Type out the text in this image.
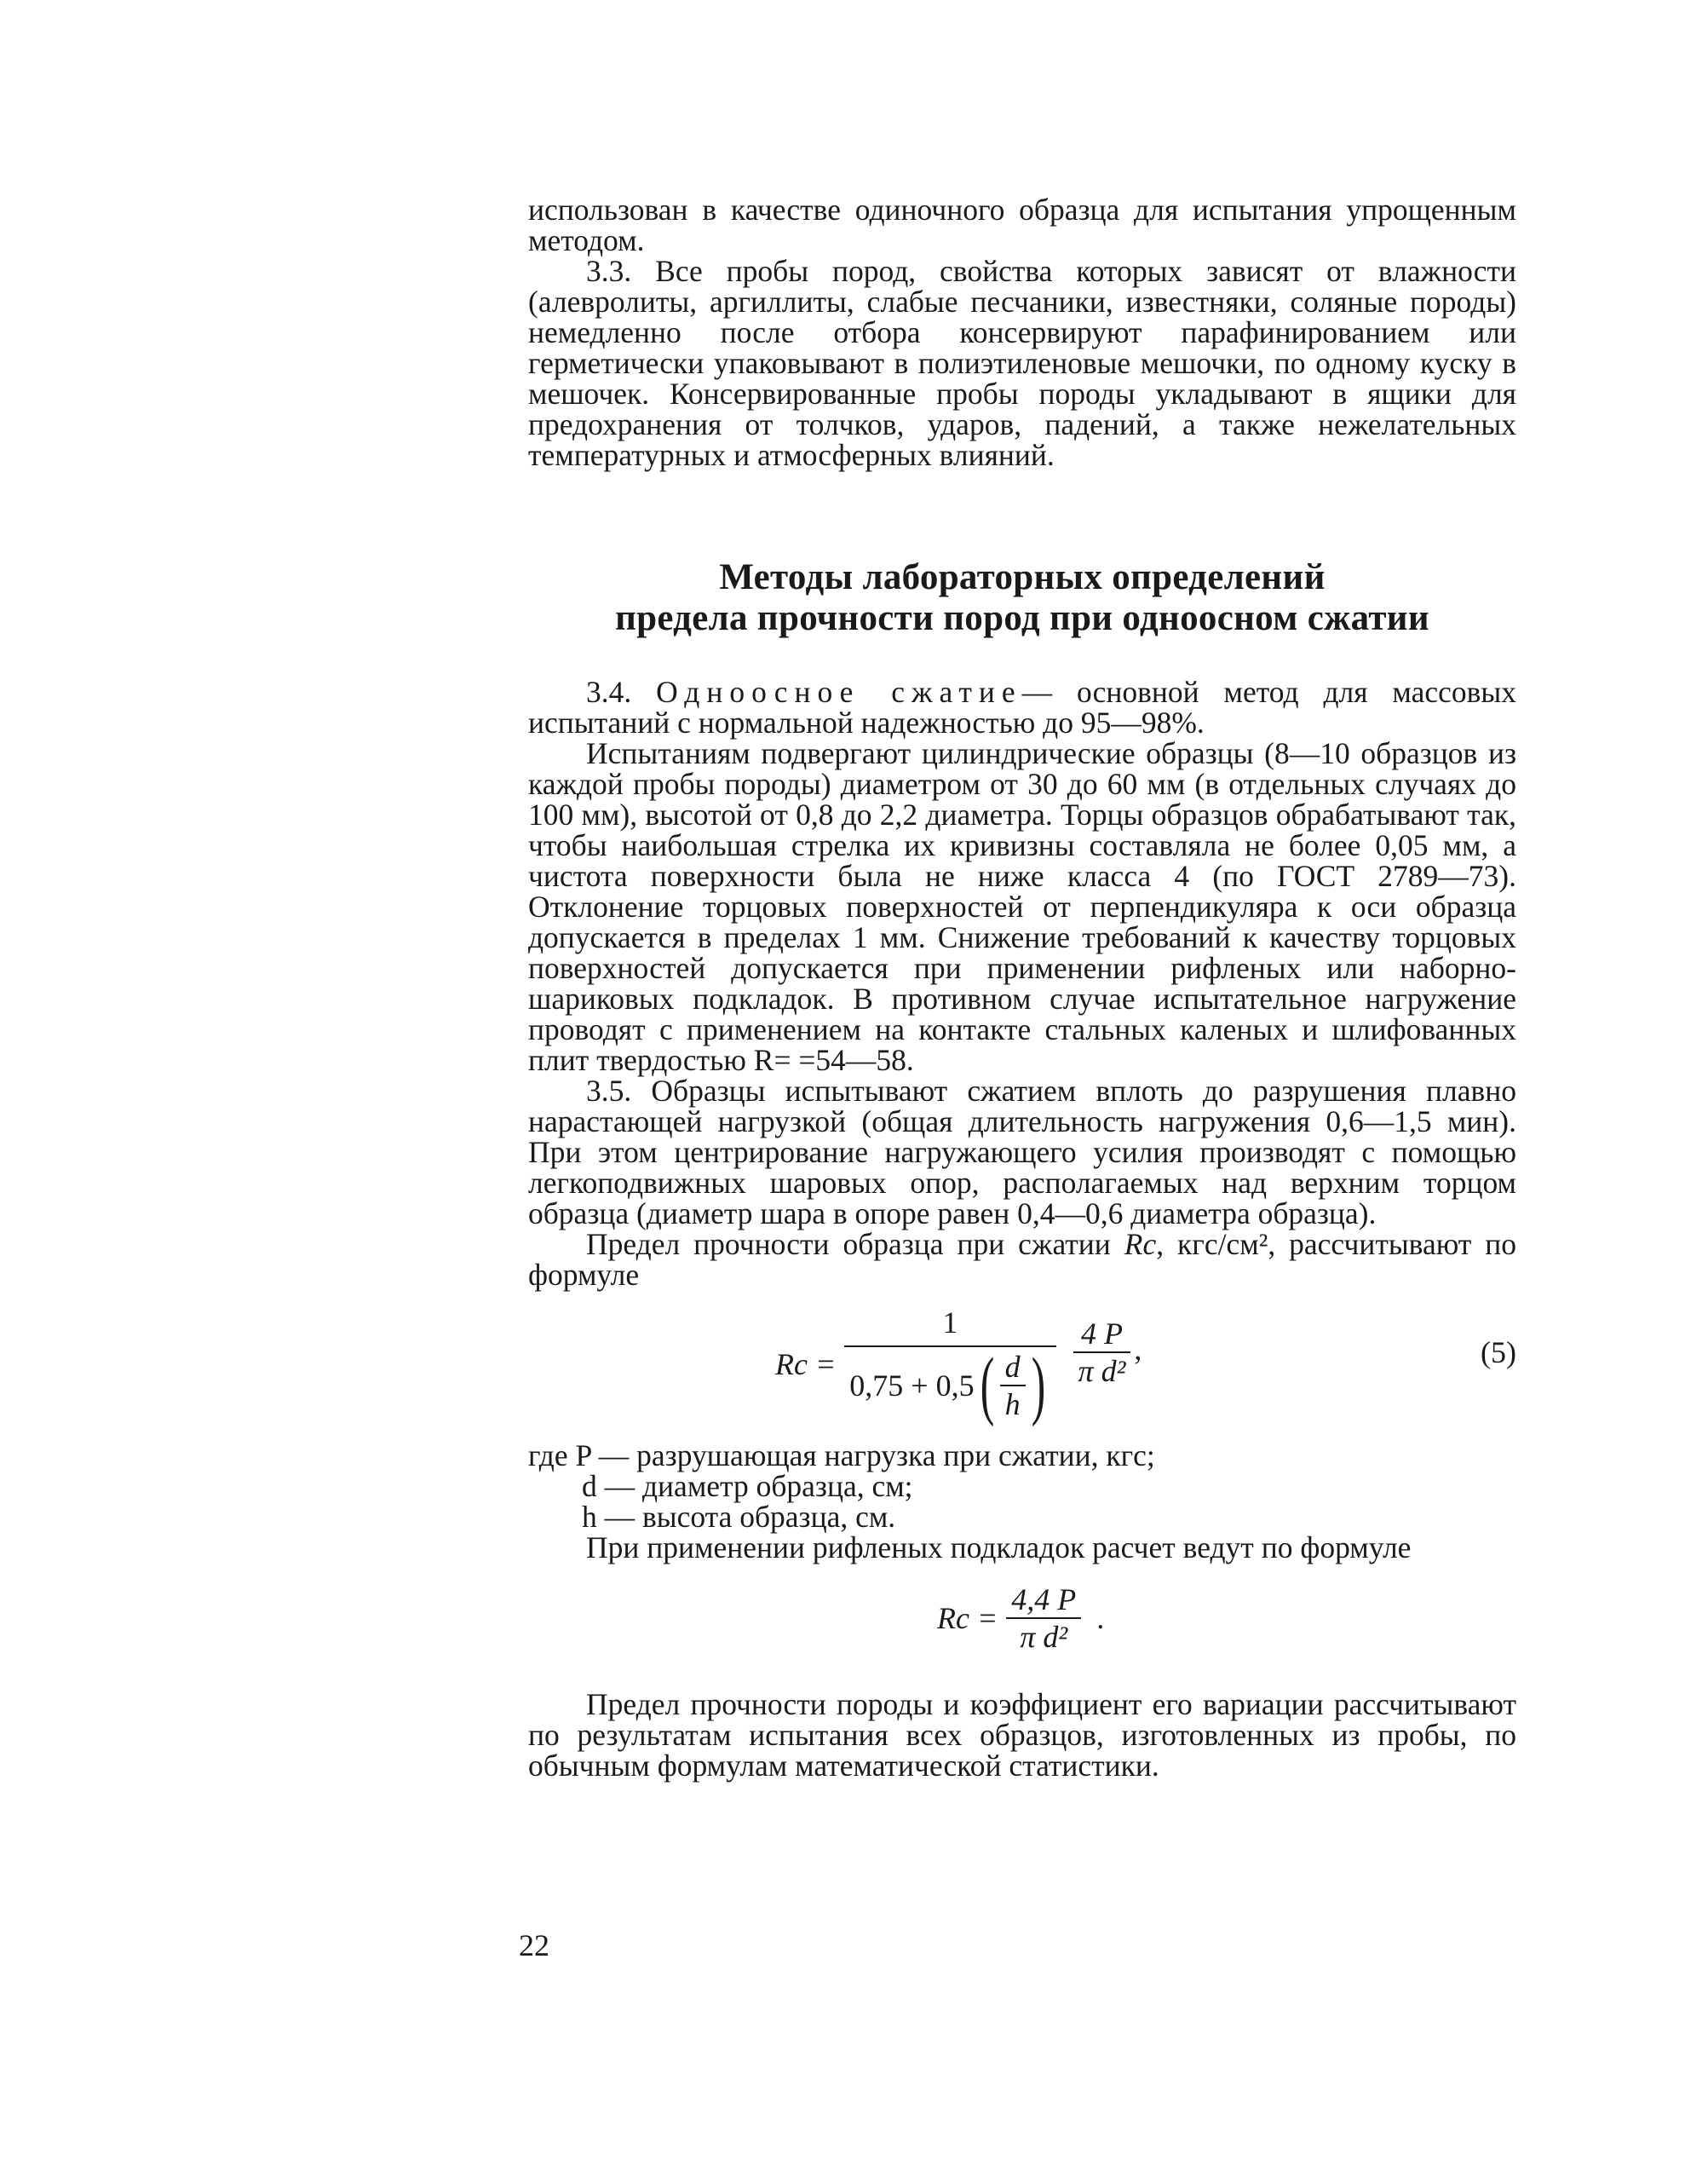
использован в качестве одиночного образца для испытания упрощенным методом.

3.3. Все пробы пород, свойства которых зависят от влажности (алевролиты, аргиллиты, слабые песчаники, известняки, соляные породы) немедленно после отбора консервируют парафинированием или герметически упаковывают в полиэтиленовые мешочки, по одному куску в мешочек. Консервированные пробы породы укладывают в ящики для предохранения от толчков, ударов, падений, а также нежелательных температурных и атмосферных влияний.

Методы лабораторных определений
предела прочности пород при одноосном сжатии

3.4. Одноосное сжатие— основной метод для массовых испытаний с нормальной надежностью до 95—98%.

Испытаниям подвергают цилиндрические образцы (8—10 образцов из каждой пробы породы) диаметром от 30 до 60 мм (в отдельных случаях до 100 мм), высотой от 0,8 до 2,2 диаметра. Торцы образцов обрабатывают так, чтобы наибольшая стрелка их кривизны составляла не более 0,05 мм, а чистота поверхности была не ниже класса 4 (по ГОСТ 2789—73). Отклонение торцовых поверхностей от перпендикуляра к оси образца допускается в пределах 1 мм. Снижение требований к качеству торцовых поверхностей допускается при применении рифленых или наборно-шариковых подкладок. В противном случае испытательное нагружение проводят с применением на контакте стальных каленых и шлифованных плит твердостью R= =54—58.

3.5. Образцы испытывают сжатием вплоть до разрушения плавно нарастающей нагрузкой (общая длительность нагружения 0,6—1,5 мин). При этом центрирование нагружающего усилия производят с помощью легкоподвижных шаровых опор, располагаемых над верхним торцом образца (диаметр шара в опоре равен 0,4—0,6 диаметра образца).

Предел прочности образца при сжатии Rc, кгс/см², рассчитывают по формуле

Rc =
1
0,75 + 0,5 ( $\frac{d}{h}$ ) $\frac{4 P}{\text{π d²}}$ ,	(5)

где P — разрушающая нагрузка при сжатии, кгс;

d — диаметр образца, см;

h — высота образца, см.

При применении рифленых подкладок расчет ведут по формуле

$Rc = \frac{4,4 P}{\text{π d²}}$ .

Предел прочности породы и коэффициент его вариации рассчитывают по результатам испытания всех образцов, изготовленных из пробы, по обычным формулам математической статистики.

22
